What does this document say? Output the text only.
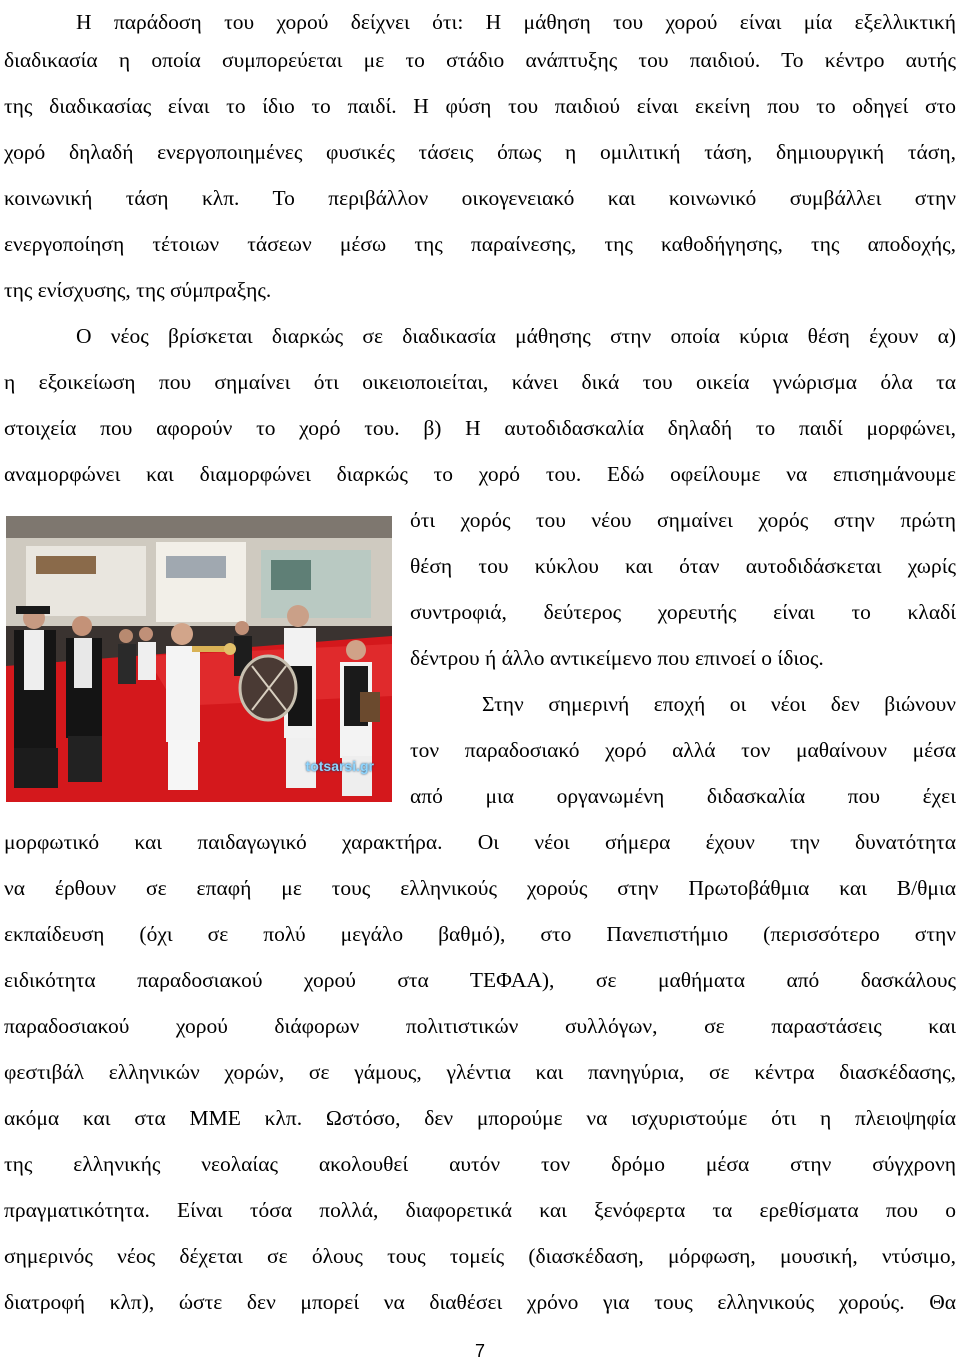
Η παράδοση του χορού δείχνει ότι: Η μάθηση του χορού είναι μία εξελλικτική
διαδικασία η οποία συμπορεύεται με το στάδιο ανάπτυξης του παιδιού. Το κέντρο αυτής
της διαδικασίας είναι το ίδιο το παιδί. Η φύση του παιδιού είναι εκείνη που το οδηγεί στο
χορό δηλαδή ενεργοποιημένες φυσικές τάσεις όπως η ομιλιτική τάση, δημιουργική τάση,
κοινωνική τάση κλπ. Το περιβάλλον οικογενειακό και κοινωνικό συμβάλλει στην
ενεργοποίηση τέτοιων τάσεων μέσω της παραίνεσης, της καθοδήγησης, της αποδοχής,
της ενίσχυσης, της σύμπραξης.
Ο νέος βρίσκεται διαρκώς σε διαδικασία μάθησης στην οποία κύρια θέση έχουν α)
η εξοικείωση που σημαίνει ότι οικειοποιείται, κάνει δικά του οικεία γνώρισμα όλα τα
στοιχεία που αφορούν το χορό του. β) Η αυτοδιδασκαλία δηλαδή το παιδί μορφώνει,
αναμορφώνει και διαμορφώνει διαρκώς το χορό του. Εδώ οφείλουμε να επισημάνουμε
ότι χορός του νέου σημαίνει χορός στην πρώτη
θέση του κύκλου και όταν αυτοδιδάσκεται χωρίς
συντροφιά, δεύτερος χορευτής είναι το κλαδί
δέντρου ή άλλο αντικείμενο που επινοεί ο ίδιος.
totsarsi.gr
Στην σημερινή εποχή οι νέοι δεν βιώνουν
τον παραδοσιακό χορό αλλά τον μαθαίνουν μέσα
από μια οργανωμένη διδασκαλία που έχει
μορφωτικό και παιδαγωγικό χαρακτήρα. Οι νέοι σήμερα έχουν την δυνατότητα
να έρθουν σε επαφή με τους ελληνικούς χορούς στην Πρωτοβάθμια και Β/θμια
εκπαίδευση (όχι σε πολύ μεγάλο βαθμό), στο Πανεπιστήμιο (περισσότερο στην
ειδικότητα παραδοσιακού χορού στα ΤΕΦΑΑ), σε μαθήματα από δασκάλους
παραδοσιακού χορού διάφορων πολιτιστικών συλλόγων, σε παραστάσεις και
φεστιβάλ ελληνικών χορών, σε γάμους, γλέντια και πανηγύρια, σε κέντρα διασκέδασης,
ακόμα και στα ΜΜΕ κλπ. Ωστόσο, δεν μπορούμε να ισχυριστούμε ότι η πλειοψηφία
της ελληνικής νεολαίας ακολουθεί αυτόν τον δρόμο μέσα στην σύγχρονη
πραγματικότητα. Είναι τόσα πολλά, διαφορετικά και ξενόφερτα τα ερεθίσματα που ο
σημερινός νέος δέχεται σε όλους τους τομείς (διασκέδαση, μόρφωση, μουσική, ντύσιμο,
διατροφή κλπ), ώστε δεν μπορεί να διαθέσει χρόνο για τους ελληνικούς χορούς. Θα
7
